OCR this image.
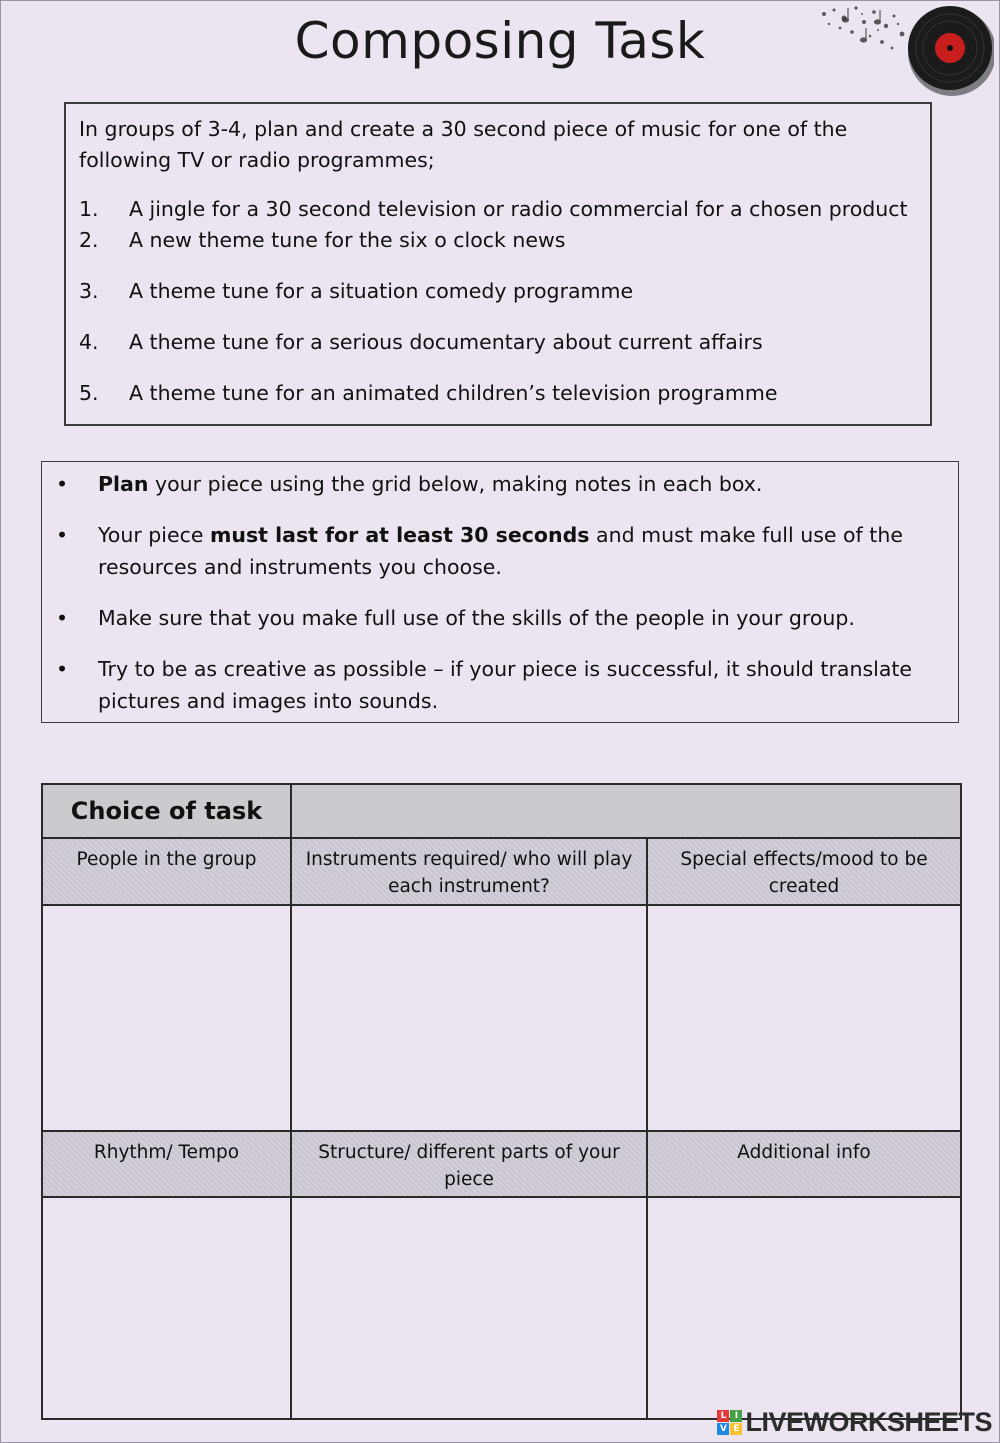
Composing Task

In groups of 3-4, plan and create a 30 second piece of music for one of the following TV or radio programmes;

1.	A jingle for a 30 second television or radio commercial for a chosen product
2.	A new theme tune for the six o clock news
3.	A theme tune for a situation comedy programme
4.	A theme tune for a serious documentary about current affairs
5.	A theme tune for an animated children’s television programme
•	Plan your piece using the grid below, making notes in each box.
•	Your piece must last for at least 30 seconds and must make full use of the resources and instruments you choose.
•	Make sure that you make full use of the skills of the people in your group.
•	Try to be as creative as possible – if your piece is successful, it should translate pictures and images into sounds.
Choice of task		
People in the group	Instruments required/ who will play each instrument?	Special effects/mood to be created

Rhythm/ Tempo	Structure/ different parts of your piece	Additional info

L I
V E LIVEWORKSHEETS
